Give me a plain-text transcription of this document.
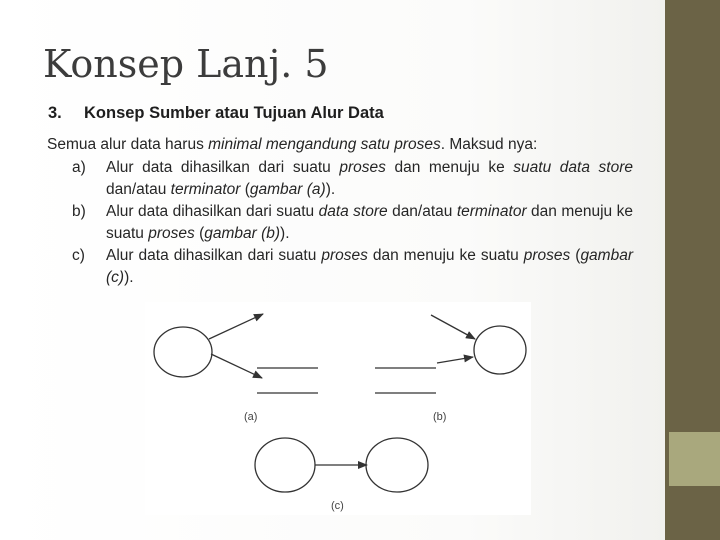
Konsep Lanj. 5
3. Konsep Sumber atau Tujuan Alur Data
Semua alur data harus minimal mengandung satu proses. Maksud nya:
a) Alur data dihasilkan dari suatu proses dan menuju ke suatu data store dan/atau terminator (gambar (a)).
b) Alur data dihasilkan dari suatu data store dan/atau terminator dan menuju ke suatu proses (gambar (b)).
c) Alur data dihasilkan dari suatu proses dan menuju ke suatu proses (gambar (c)).
(a)	(b)
(c)
